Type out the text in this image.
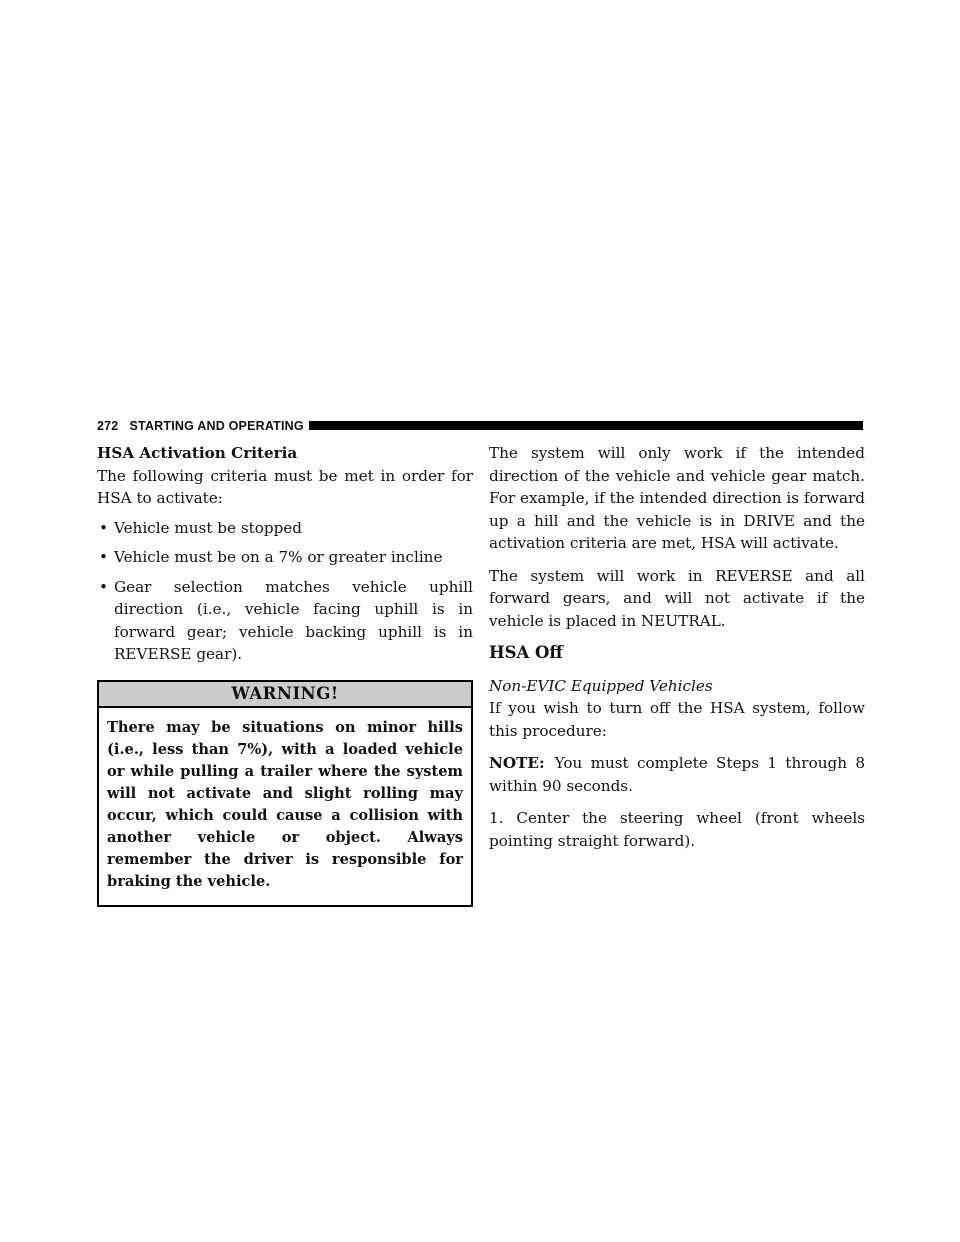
272 STARTING AND OPERATING

HSA Activation Criteria

The following criteria must be met in order for HSA to activate:

• Vehicle must be stopped
• Vehicle must be on a 7% or greater incline
• Gear selection matches vehicle uphill direction (i.e., vehicle facing uphill is in forward gear; vehicle backing uphill is in REVERSE gear).
WARNING!
There may be situations on minor hills (i.e., less than 7%), with a loaded vehicle or while pulling a trailer where the system will not activate and slight rolling may occur, which could cause a collision with another vehicle or object. Always remember the driver is responsible for braking the vehicle.

The system will only work if the intended direction of the vehicle and vehicle gear match. For example, if the intended direction is forward up a hill and the vehicle is in DRIVE and the activation criteria are met, HSA will activate.

The system will work in REVERSE and all forward gears, and will not activate if the vehicle is placed in NEUTRAL.

HSA Off

Non-EVIC Equipped Vehicles

If you wish to turn off the HSA system, follow this procedure:

NOTE: You must complete Steps 1 through 8 within 90 seconds.

1. Center the steering wheel (front wheels pointing straight forward).
